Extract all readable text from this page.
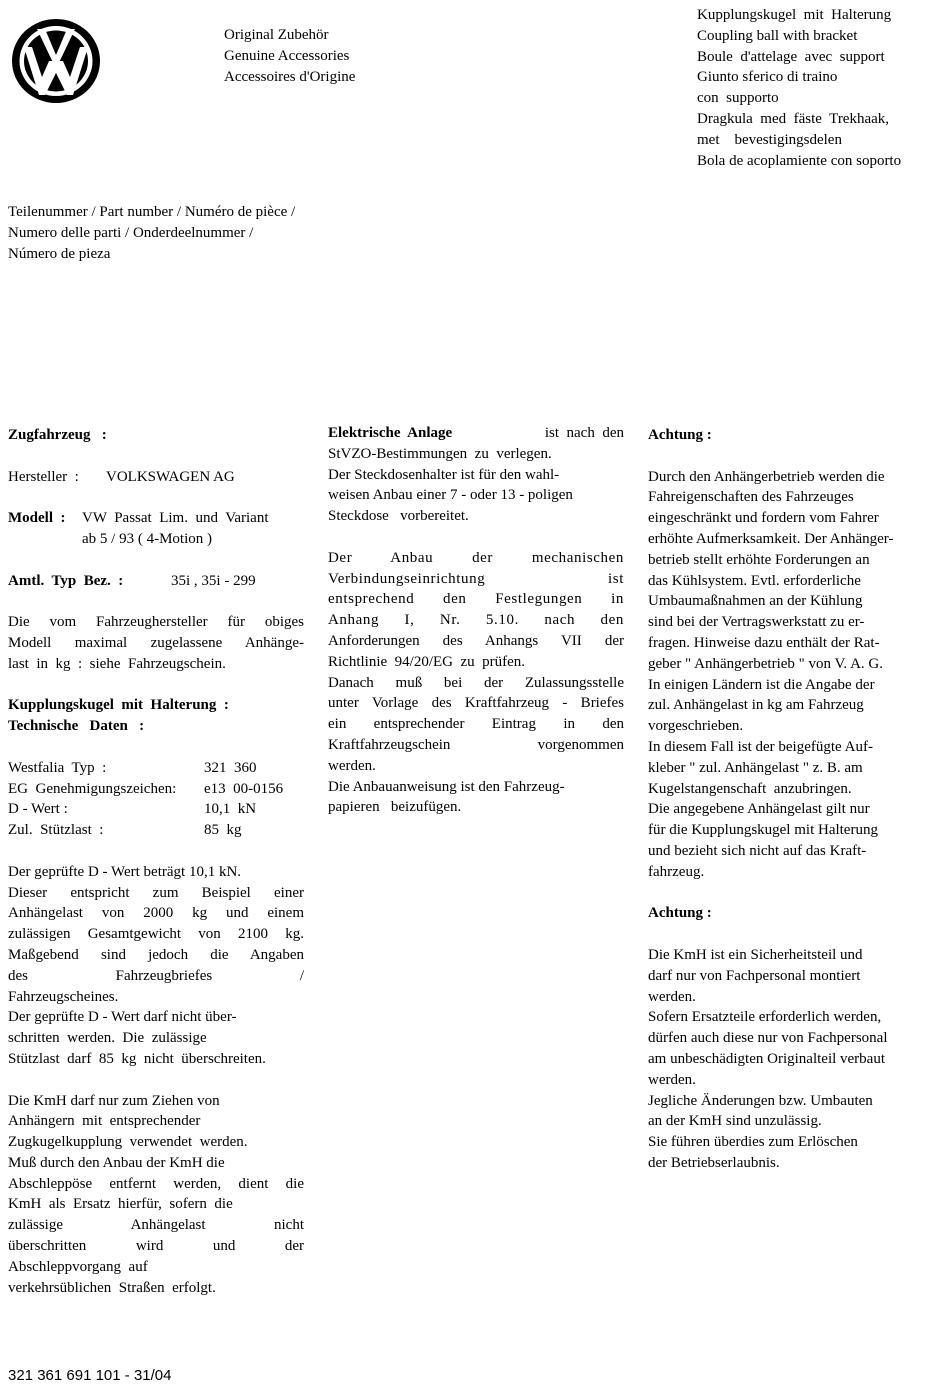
Original Zubehör
Genuine Accessories
Accessoires d'Origine
Kupplungskugel  mit  Halterung
Coupling ball with bracket
Boule  d'attelage  avec  support
Giunto sferico di traino
con  supporto
Dragkula  med  fäste  Trekhaak,
met    bevestigingsdelen
Bola de acoplamiente con soporto
Teilenummer / Part number / Numéro de pièce /
Numero delle parti / Onderdeelnummer /
Número de pieza
Zugfahrzeug   :
Hersteller  :	VOLKSWAGEN AG
Modell  :	VW  Passat  Lim.  und  Variant
ab 5 / 93 ( 4-Motion )
Amtl.  Typ  Bez.  :	35i , 35i - 299
Die vom Fahrzeughersteller für obiges
Modell maximal zugelassene Anhänge-
last  in  kg  :  siehe  Fahrzeugschein.
Kupplungskugel  mit  Halterung  :
Technische   Daten   :
Westfalia  Typ  :	321  360
EG  Genehmigungszeichen:	e13  00-0156
D - Wert :	10,1  kN
Zul.  Stützlast  :	85  kg
Der geprüfte D - Wert beträgt 10,1 kN.
Dieser entspricht zum Beispiel einer
Anhängelast von 2000 kg und einem
zulässigen Gesamtgewicht von 2100 kg.
Maßgebend sind jedoch die Angaben
des Fahrzeugbriefes /
Fahrzeugscheines.
Der geprüfte D - Wert darf nicht über-
schritten  werden.  Die  zulässige
Stützlast  darf  85  kg  nicht  überschreiten.
Die KmH darf nur zum Ziehen von
Anhängern  mit  entsprechender
Zugkugelkupplung  verwendet  werden.
Muß durch den Anbau der KmH die
Abschleppöse entfernt werden, dient die
KmH  als  Ersatz  hierfür,  sofern  die
zulässige Anhängelast nicht
überschritten wird und der
Abschleppvorgang  auf
verkehrsüblichen  Straßen  erfolgt.
Elektrische  Anlage	ist  nach  den
StVZO-Bestimmungen  zu  verlegen.
Der Steckdosenhalter ist für den wahl-
weisen Anbau einer 7 - oder 13 - poligen
Steckdose   vorbereitet.
Der Anbau der mechanischen
Verbindungseinrichtung ist
entsprechend den Festlegungen in
Anhang I, Nr. 5.10. nach den
Anforderungen des Anhangs VII der
Richtlinie  94/20/EG  zu  prüfen.
Danach muß bei der Zulassungsstelle
unter Vorlage des Kraftfahrzeug - Briefes
ein entsprechender Eintrag in den
Kraftfahrzeugschein vorgenommen
werden.
Die Anbauanweisung ist den Fahrzeug-
papieren   beizufügen.
Achtung :
Durch den Anhängerbetrieb werden die
Fahreigenschaften des Fahrzeuges
eingeschränkt und fordern vom Fahrer
erhöhte Aufmerksamkeit. Der Anhänger-
betrieb stellt erhöhte Forderungen an
das Kühlsystem. Evtl. erforderliche
Umbaumaßnahmen an der Kühlung
sind bei der Vertragswerkstatt zu er-
fragen. Hinweise dazu enthält der Rat-
geber " Anhängerbetrieb " von V. A. G.
In einigen Ländern ist die Angabe der
zul. Anhängelast in kg am Fahrzeug
vorgeschrieben.
In diesem Fall ist der beigefügte Auf-
kleber " zul. Anhängelast " z. B. am
Kugelstangenschaft  anzubringen.
Die angegebene Anhängelast gilt nur
für die Kupplungskugel mit Halterung
und bezieht sich nicht auf das Kraft-
fahrzeug.
Achtung :
Die KmH ist ein Sicherheitsteil und
darf nur von Fachpersonal montiert
werden.
Sofern Ersatzteile erforderlich werden,
dürfen auch diese nur von Fachpersonal
am unbeschädigten Originalteil verbaut
werden.
Jegliche Änderungen bzw. Umbauten
an der KmH sind unzulässig.
Sie führen überdies zum Erlöschen
der Betriebserlaubnis.
321 361 691 101 - 31/04
